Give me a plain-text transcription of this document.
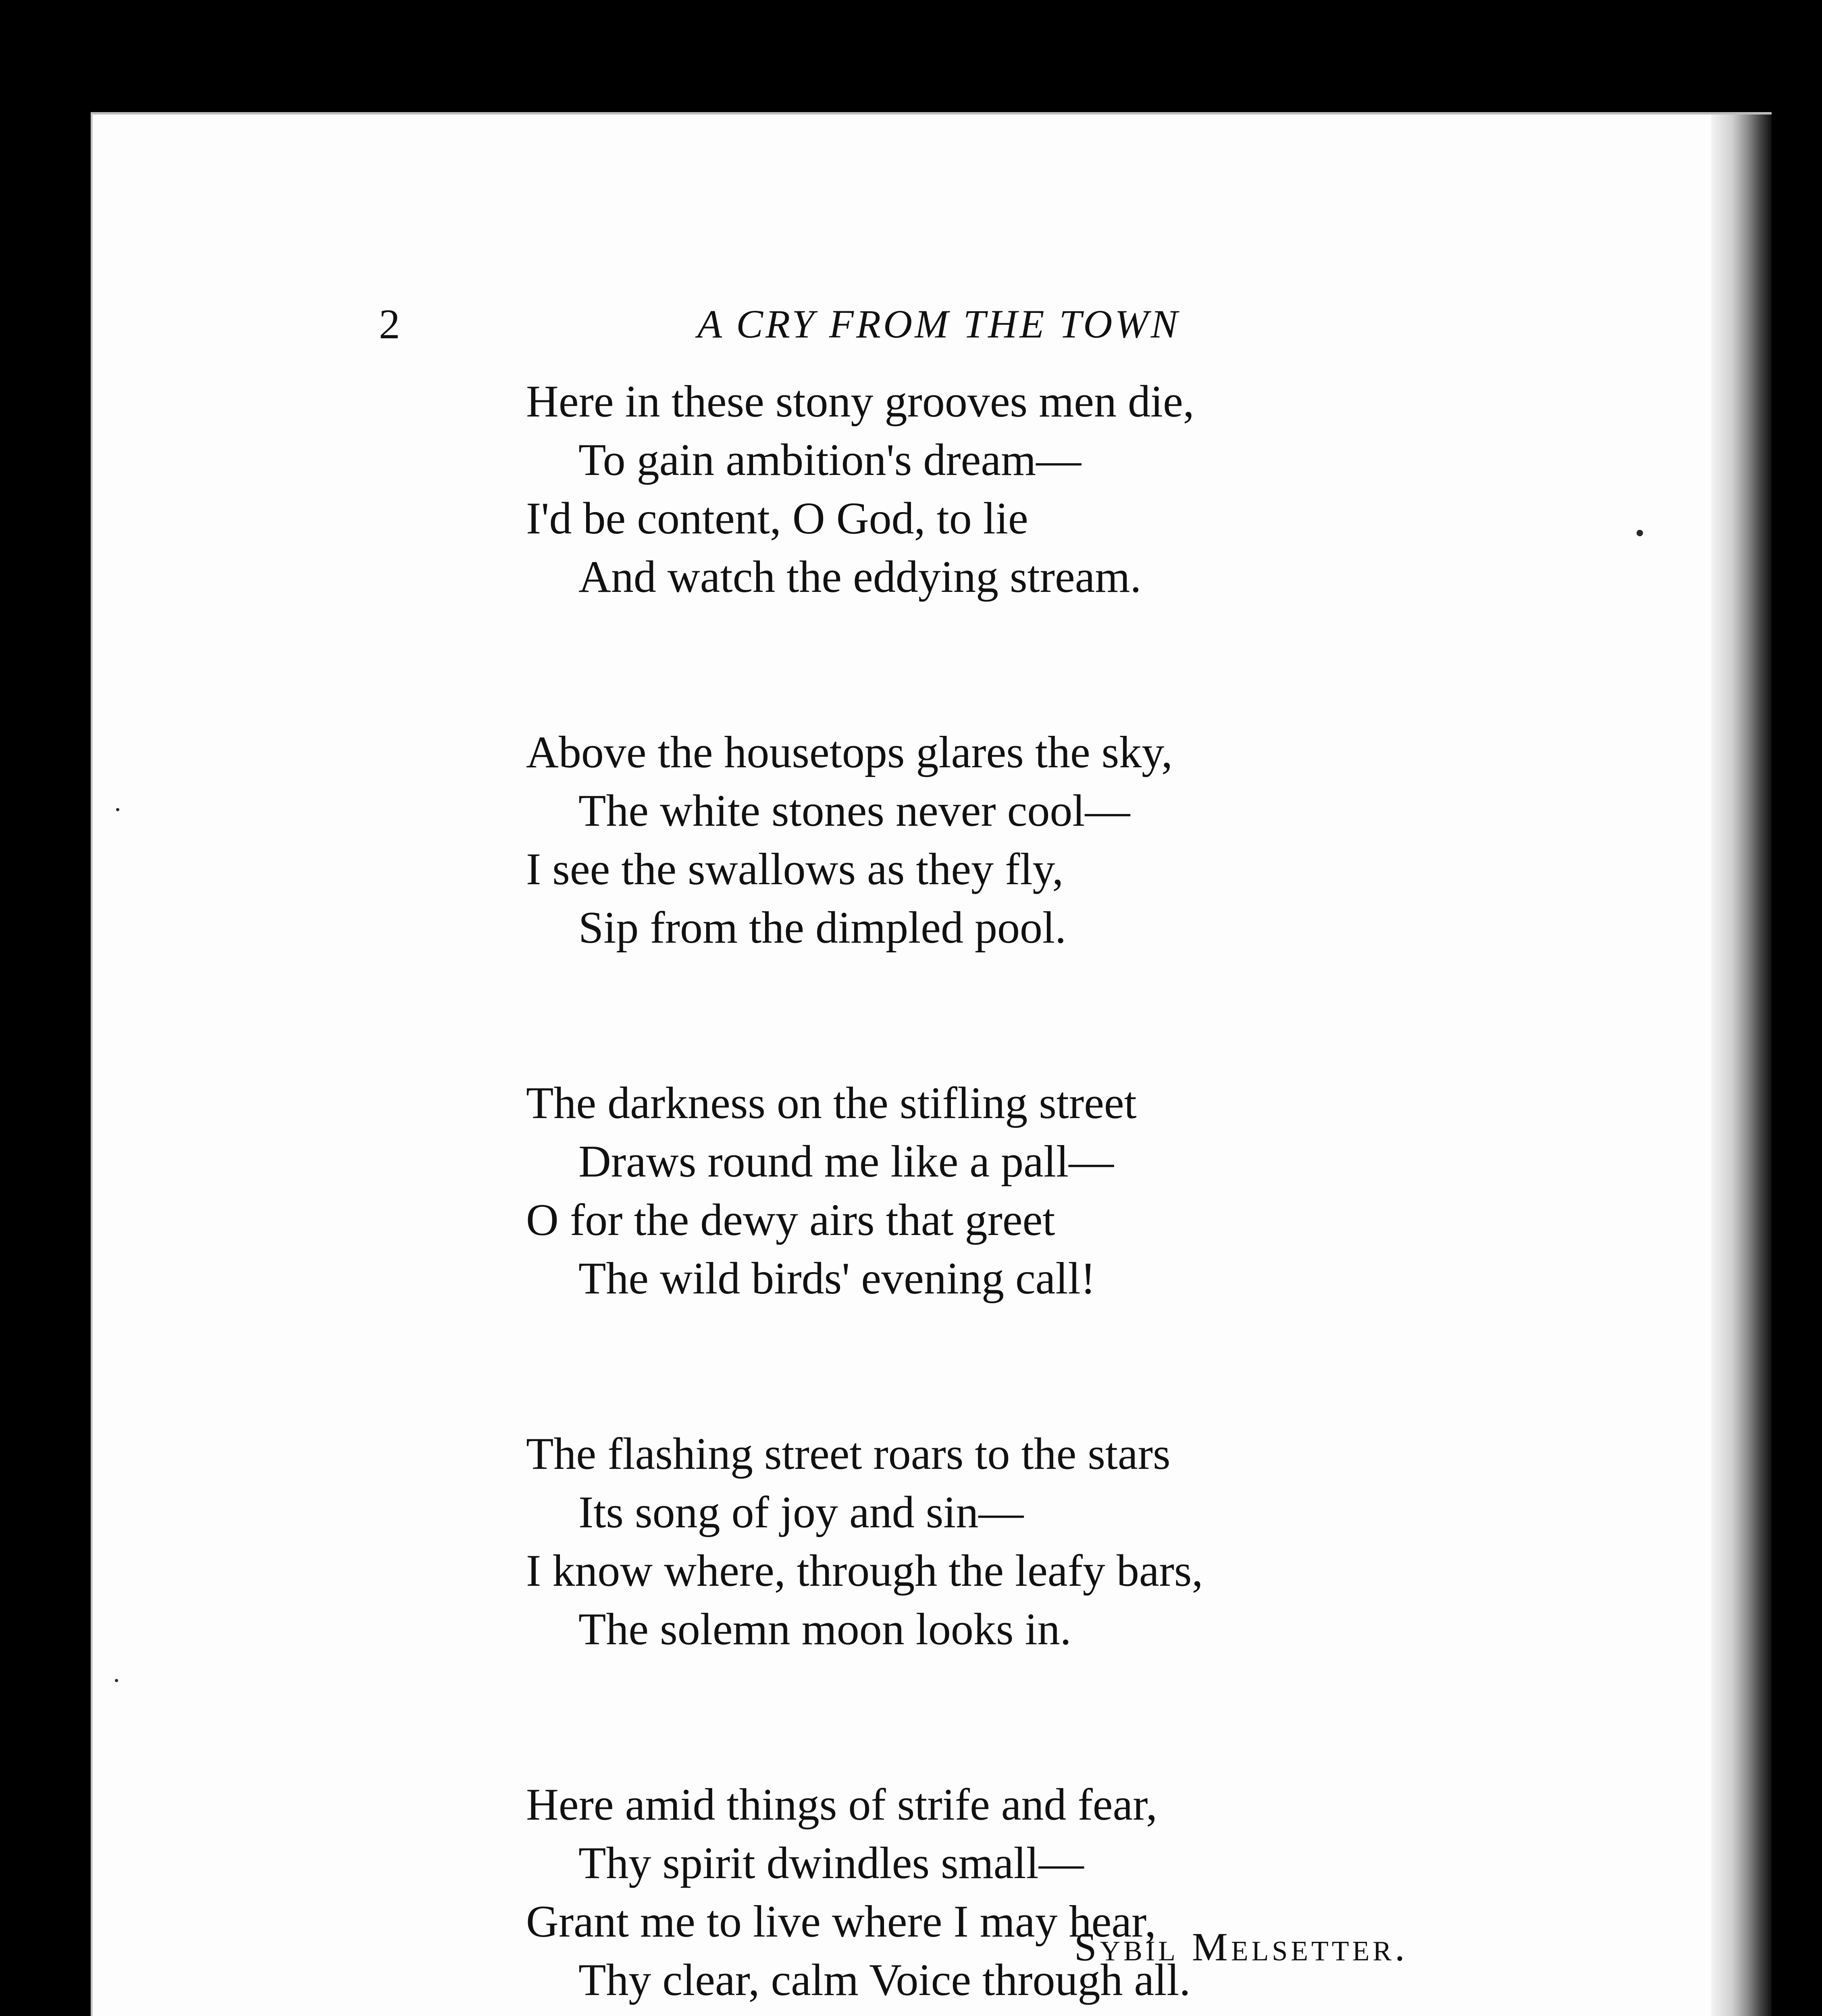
2	A CRY FROM THE TOWN

Here in these stony grooves men die,
To gain ambition's dream—
I'd be content, O God, to lie
And watch the eddying stream.
Above the housetops glares the sky,
The white stones never cool—
I see the swallows as they fly,
Sip from the dimpled pool.
The darkness on the stifling street
Draws round me like a pall—
O for the dewy airs that greet
The wild birds' evening call!
The flashing street roars to the stars
Its song of joy and sin—
I know where, through the leafy bars,
The solemn moon looks in.
Here amid things of strife and fear,
Thy spirit dwindles small—
Grant me to live where I may hear,
Thy clear, calm Voice through all.

Sybil Melsetter.
